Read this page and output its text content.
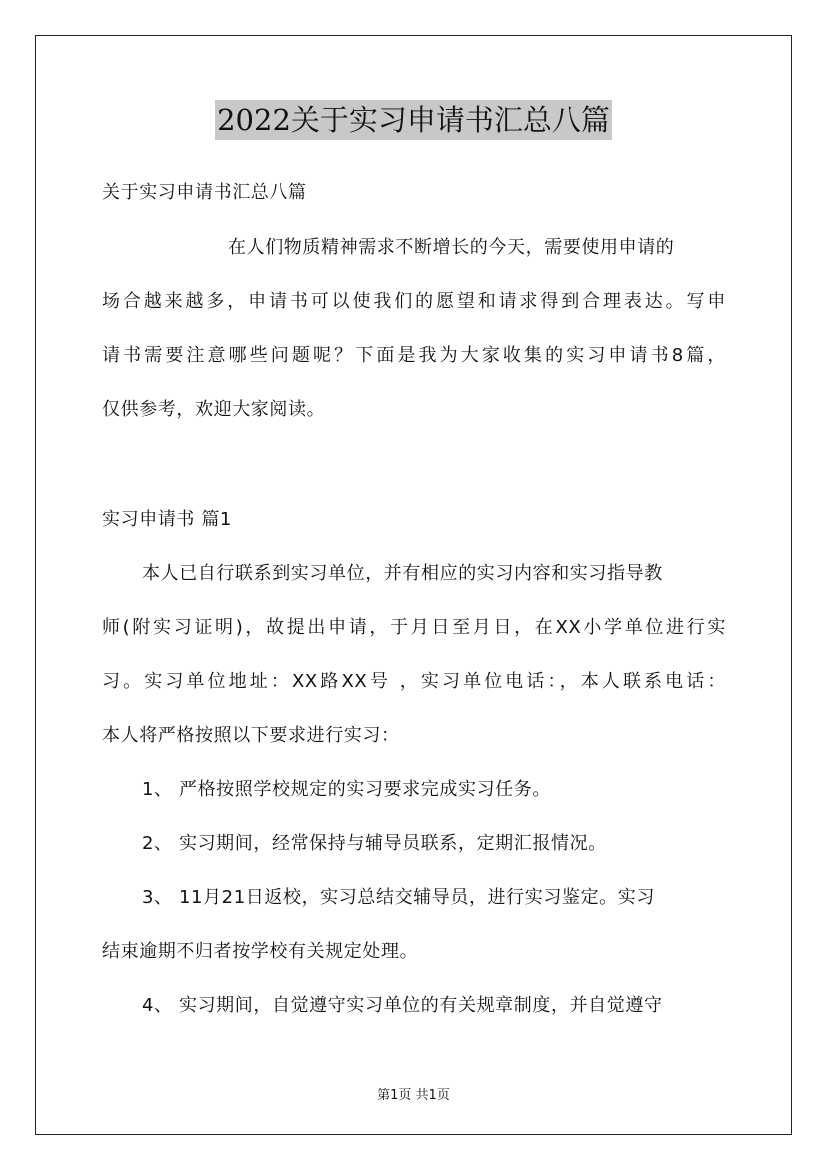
2022关于实习申请书汇总八篇
关于实习申请书汇总八篇
在人们物质精神需求不断增长的今天，需要使用申请的
场合越来越多，申请书可以使我们的愿望和请求得到合理表达。写申
请书需要注意哪些问题呢？下面是我为大家收集的实习申请书8篇，
仅供参考，欢迎大家阅读。
实习申请书 篇1
本人已自行联系到实习单位，并有相应的实习内容和实习指导教
师(附实习证明)，故提出申请，于月日至月日，在XX小学单位进行实
习。实习单位地址：XX路XX号 ，实习单位电话：，本人联系电话：
本人将严格按照以下要求进行实习：
1、 严格按照学校规定的实习要求完成实习任务。
2、 实习期间，经常保持与辅导员联系，定期汇报情况。
3、 11月21日返校，实习总结交辅导员，进行实习鉴定。实习
结束逾期不归者按学校有关规定处理。
4、 实习期间，自觉遵守实习单位的有关规章制度，并自觉遵守
第1页 共1页
